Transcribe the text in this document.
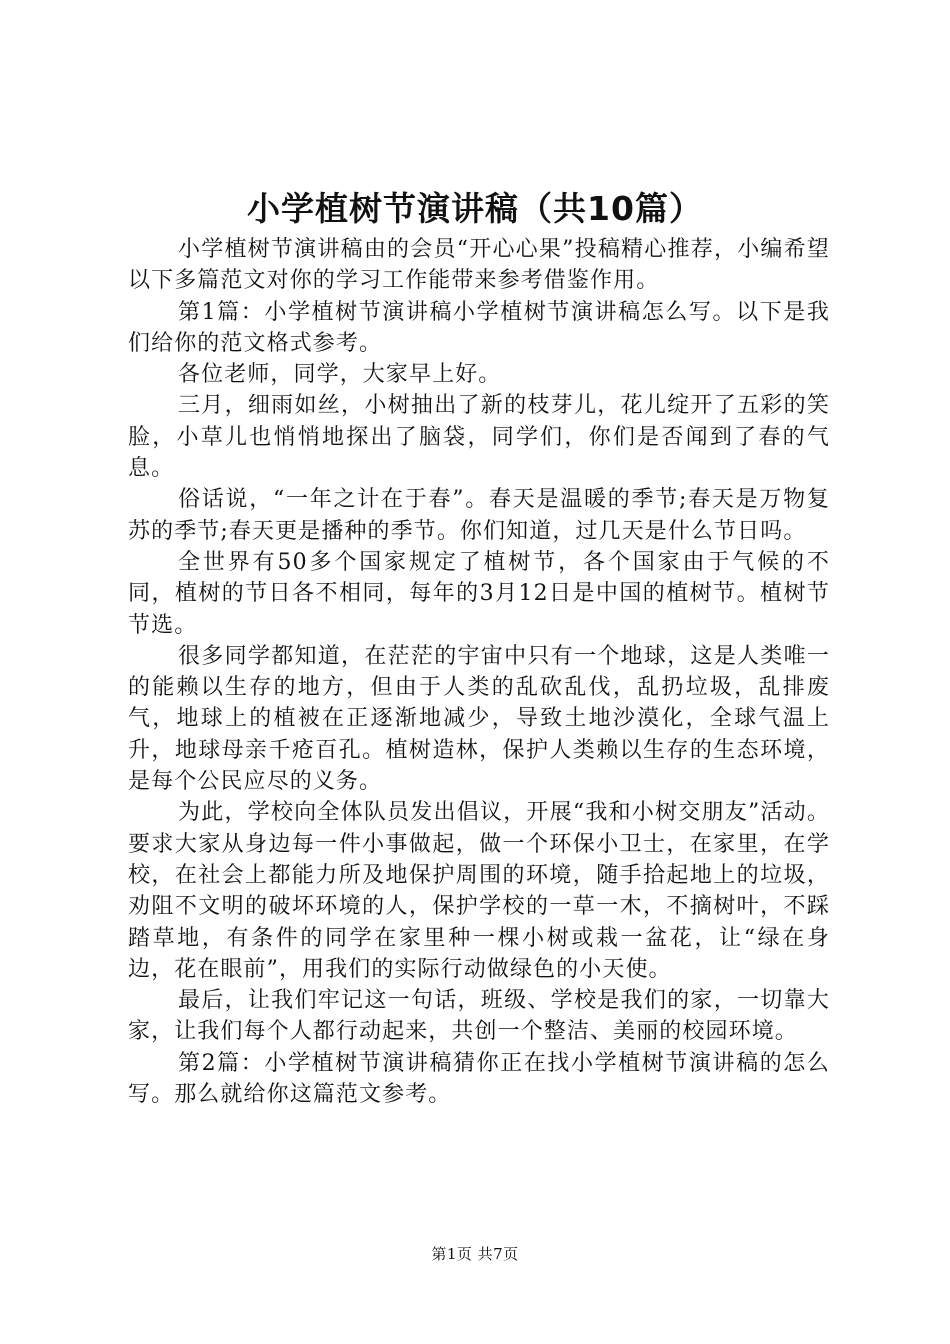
小学植树节演讲稿（共10篇）

小学植树节演讲稿由的会员“开心心果”投稿精心推荐，小编希望以下多篇范文对你的学习工作能带来参考借鉴作用。

第1篇：小学植树节演讲稿小学植树节演讲稿怎么写。以下是我们给你的范文格式参考。

各位老师，同学，大家早上好。

三月，细雨如丝，小树抽出了新的枝芽儿，花儿绽开了五彩的笑脸，小草儿也悄悄地探出了脑袋，同学们，你们是否闻到了春的气息。

俗话说，“一年之计在于春”。春天是温暖的季节;春天是万物复苏的季节;春天更是播种的季节。你们知道，过几天是什么节日吗。

全世界有50多个国家规定了植树节，各个国家由于气候的不同，植树的节日各不相同，每年的3月12日是中国的植树节。植树节节选。

很多同学都知道，在茫茫的宇宙中只有一个地球，这是人类唯一的能赖以生存的地方，但由于人类的乱砍乱伐，乱扔垃圾，乱排废气，地球上的植被在正逐渐地减少，导致土地沙漠化，全球气温上升，地球母亲千疮百孔。植树造林，保护人类赖以生存的生态环境，是每个公民应尽的义务。

为此，学校向全体队员发出倡议，开展“我和小树交朋友”活动。要求大家从身边每一件小事做起，做一个环保小卫士，在家里，在学校，在社会上都能力所及地保护周围的环境，随手拾起地上的垃圾，劝阻不文明的破坏环境的人，保护学校的一草一木，不摘树叶，不踩踏草地，有条件的同学在家里种一棵小树或栽一盆花，让“绿在身边，花在眼前”，用我们的实际行动做绿色的小天使。

最后，让我们牢记这一句话，班级、学校是我们的家，一切靠大家，让我们每个人都行动起来，共创一个整洁、美丽的校园环境。

第2篇：小学植树节演讲稿猜你正在找小学植树节演讲稿的怎么写。那么就给你这篇范文参考。

第1页 共7页
